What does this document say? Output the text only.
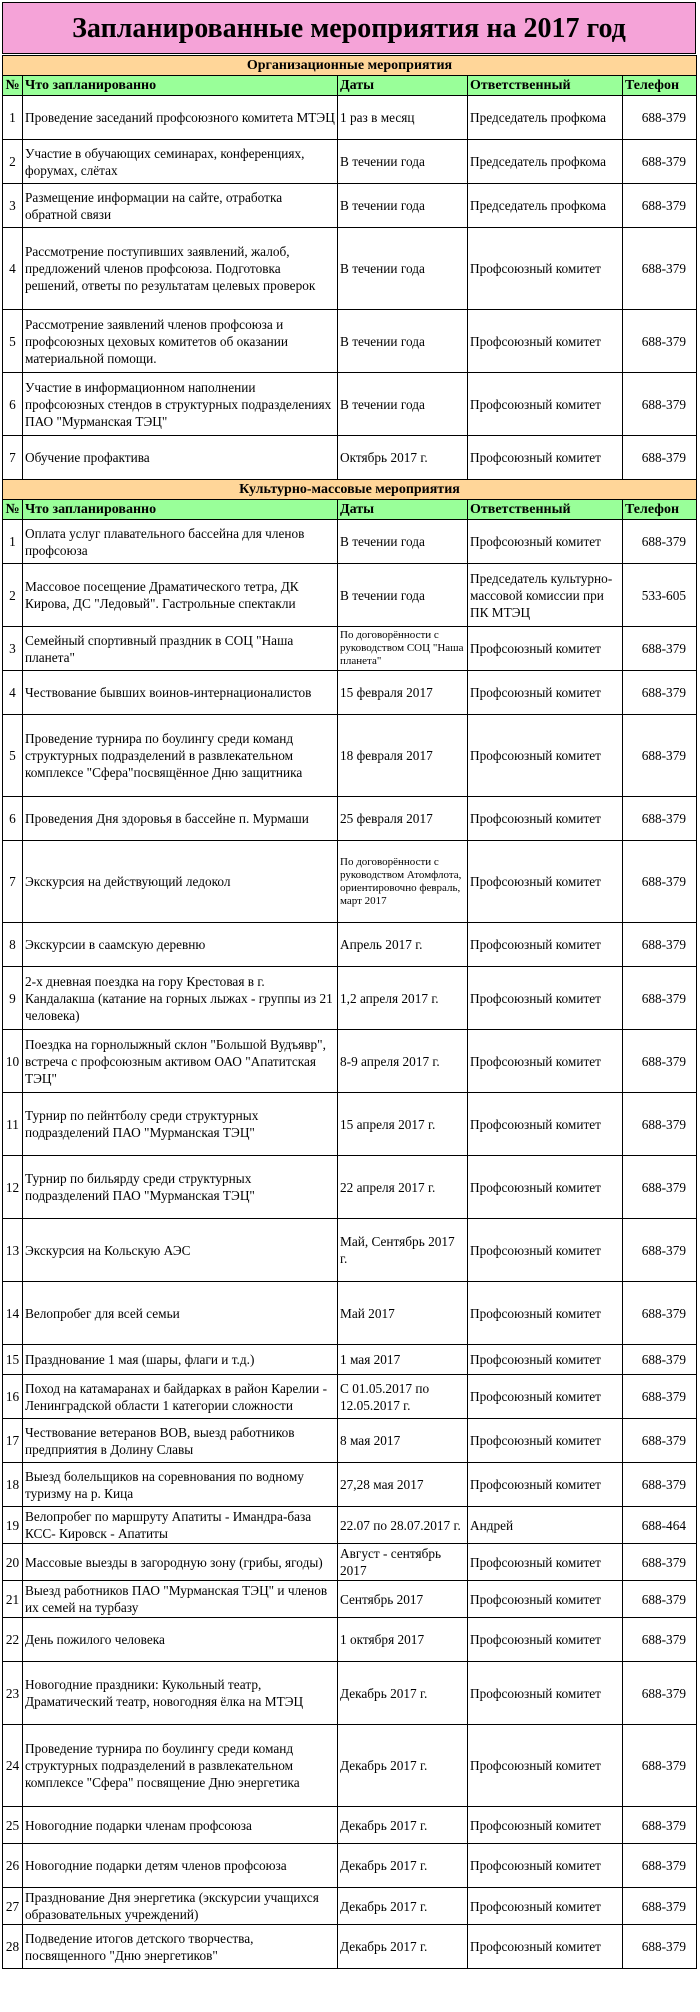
Запланированные мероприятия на 2017 год
Организационные мероприятия				
№	Что запланированно	Даты	Ответственный	Телефон
1	Проведение заседаний профсоюзного комитета МТЭЦ	1 раз в месяц	Председатель профкома	688-379
2	Участие в обучающих семинарах, конференциях, форумах, слётах	В течении года	Председатель профкома	688-379
3	Размещение информации на сайте, отработка обратной связи	В течении года	Председатель профкома	688-379
4	Рассмотрение поступивших заявлений, жалоб, предложений членов профсоюза. Подготовка решений, ответы по результатам целевых проверок	В течении года	Профсоюзный комитет	688-379
5	Рассмотрение заявлений членов профсоюза и профсоюзных цеховых комитетов об оказании материальной помощи.	В течении года	Профсоюзный комитет	688-379
6	Участие в информационном наполнении профсоюзных стендов в структурных подразделениях ПАО "Мурманская ТЭЦ"	В течении года	Профсоюзный комитет	688-379
7	Обучение профактива	Октябрь 2017 г.	Профсоюзный комитет	688-379
Культурно-массовые мероприятия				
№	Что запланированно	Даты	Ответственный	Телефон
1	Оплата услуг плавательного бассейна для членов профсоюза	В течении года	Профсоюзный комитет	688-379
2	Массовое посещение Драматического тетра, ДК Кирова, ДС "Ледовый". Гастрольные спектакли	В течении года	Председатель культурно-массовой комиссии при ПК МТЭЦ	533-605
3	Семейный спортивный праздник в СОЦ "Наша планета"	По договорённости с руководством СОЦ "Наша планета"	Профсоюзный комитет	688-379
4	Чествование бывших воинов-интернационалистов	15 февраля 2017	Профсоюзный комитет	688-379
5	Проведение турнира по боулингу среди команд структурных подразделений в развлекательном комплексе "Сфера"посвящённое Дню защитника	18 февраля 2017	Профсоюзный комитет	688-379
6	Проведения Дня здоровья в бассейне п. Мурмаши	25 февраля 2017	Профсоюзный комитет	688-379
7	Экскурсия на действующий ледокол	По договорённости с руководством Атомфлота, ориентировочно февраль, март 2017	Профсоюзный комитет	688-379
8	Экскурсии в саамскую деревню	Апрель 2017 г.	Профсоюзный комитет	688-379
9	2-х дневная поездка на гору Крестовая в г. Кандалакша (катание на горных лыжах - группы из 21 человека)	1,2 апреля 2017 г.	Профсоюзный комитет	688-379
10	Поездка на горнолыжный склон "Большой Вудъявр", встреча с профсоюзным активом ОАО "Апатитская ТЭЦ"	8-9 апреля 2017 г.	Профсоюзный комитет	688-379
11	Турнир по пейнтболу среди структурных подразделений ПАО "Мурманская ТЭЦ"	15 апреля 2017 г.	Профсоюзный комитет	688-379
12	Турнир по бильярду среди структурных подразделений ПАО "Мурманская ТЭЦ"	22 апреля 2017 г.	Профсоюзный комитет	688-379
13	Экскурсия на Кольскую АЭС	Май, Сентябрь 2017 г.	Профсоюзный комитет	688-379
14	Велопробег для всей семьи	Май 2017	Профсоюзный комитет	688-379
15	Празднование 1 мая (шары, флаги и т.д.)	1 мая 2017	Профсоюзный комитет	688-379
16	Поход на катамаранах и байдарках в район Карелии - Ленинградской области 1 категории сложности	С 01.05.2017 по 12.05.2017 г.	Профсоюзный комитет	688-379
17	Чествование ветеранов ВОВ, выезд работников предприятия в Долину Славы	8 мая 2017	Профсоюзный комитет	688-379
18	Выезд болельщиков на соревнования по водному туризму на р. Кица	27,28 мая 2017	Профсоюзный комитет	688-379
19	Велопробег по маршруту Апатиты - Имандра-база КСС- Кировск - Апатиты	22.07 по 28.07.2017 г.	Андрей	688-464
20	Массовые выезды в загородную зону (грибы, ягоды)	Август - сентябрь 2017	Профсоюзный комитет	688-379
21	Выезд работников ПАО "Мурманская ТЭЦ" и членов их семей на турбазу	Сентябрь 2017	Профсоюзный комитет	688-379
22	День пожилого человека	1 октября 2017	Профсоюзный комитет	688-379
23	Новогодние праздники: Кукольный театр, Драматический театр, новогодняя ёлка на МТЭЦ	Декабрь 2017 г.	Профсоюзный комитет	688-379
24	Проведение турнира по боулингу среди команд структурных подразделений в развлекательном комплексе "Сфера" посвящение Дню энергетика	Декабрь 2017 г.	Профсоюзный комитет	688-379
25	Новогодние подарки членам профсоюза	Декабрь 2017 г.	Профсоюзный комитет	688-379
26	Новогодние подарки детям членов профсоюза	Декабрь 2017 г.	Профсоюзный комитет	688-379
27	Празднование Дня энергетика (экскурсии учащихся образовательных учреждений)	Декабрь 2017 г.	Профсоюзный комитет	688-379
28	Подведение итогов детского творчества, посвященного "Дню энергетиков"	Декабрь 2017 г.	Профсоюзный комитет	688-379
